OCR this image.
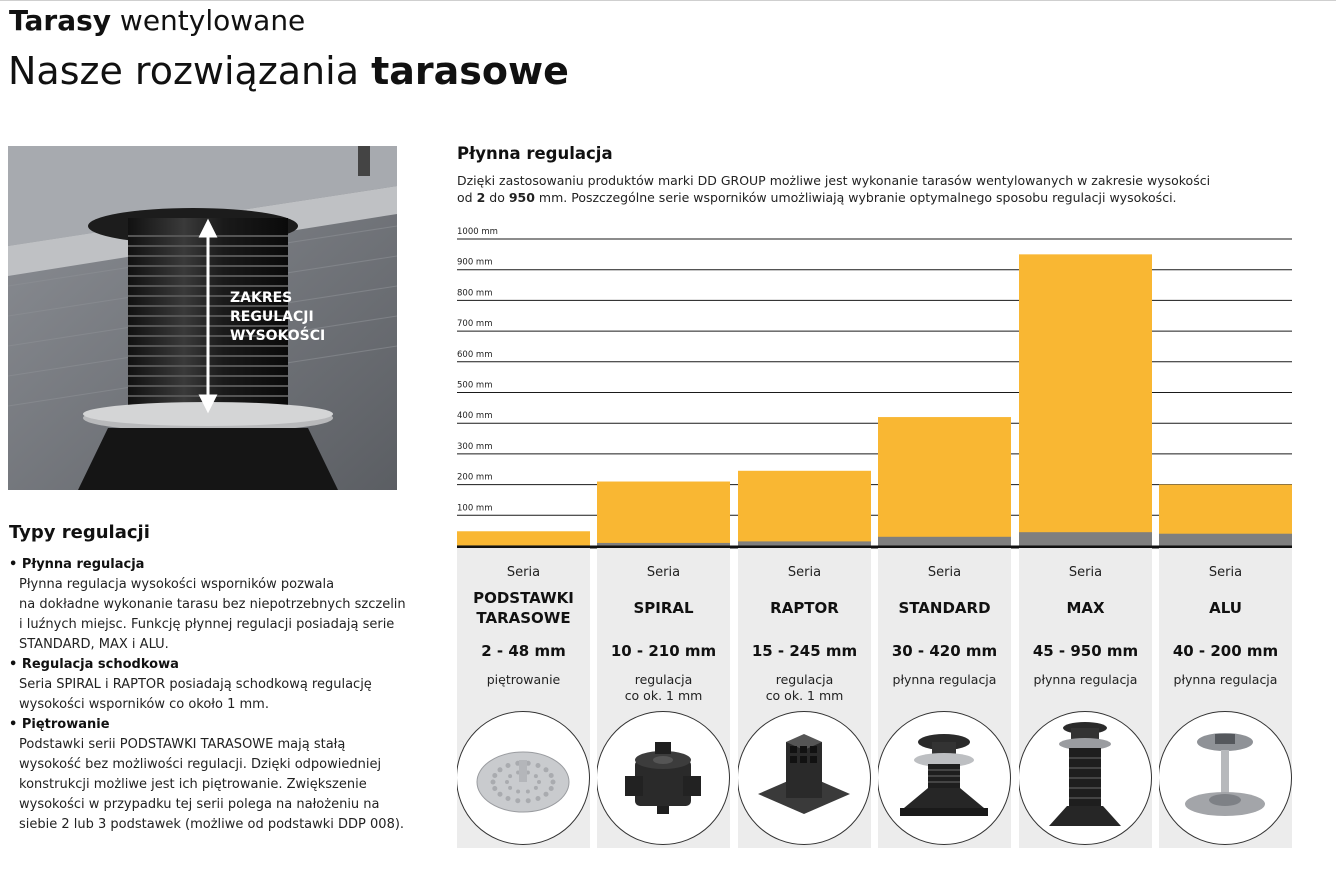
Tarasy wentylowane
Nasze rozwiązania tarasowe
ZAKRES
REGULACJI
WYSOKOŚCI
Typy regulacji
• Płynna regulacja
Płynna regulacja wysokości wsporników pozwala
na dokładne wykonanie tarasu bez niepotrzebnych szczelin
i luźnych miejsc. Funkcję płynnej regulacji posiadają serie
STANDARD, MAX i ALU.
• Regulacja schodkowa
Seria SPIRAL i RAPTOR posiadają schodkową regulację
wysokości wsporników co około 1 mm.
• Piętrowanie
Podstawki serii PODSTAWKI TARASOWE mają stałą
wysokość bez możliwości regulacji. Dzięki odpowiedniej
konstrukcji możliwe jest ich piętrowanie. Zwiększenie
wysokości w przypadku tej serii polega na nałożeniu na
siebie 2 lub 3 podstawek (możliwe od podstawki DDP 008).
Płynna regulacja
Dzięki zastosowaniu produktów marki DD GROUP możliwe jest wykonanie tarasów wentylowanych w zakresie wysokości
od 2 do 950 mm. Poszczególne serie wsporników umożliwiają wybranie optymalnego sposobu regulacji wysokości.
100 mm
200 mm
300 mm
400 mm
500 mm
600 mm
700 mm
800 mm
900 mm
1000 mm
Seria
PODSTAWKI
TARASOWE
2 - 48 mm
piętrowanie
Seria
SPIRAL
10 - 210 mm
regulacja
co ok. 1 mm
Seria
RAPTOR
15 - 245 mm
regulacja
co ok. 1 mm
Seria
STANDARD
30 - 420 mm
płynna regulacja
Seria
MAX
45 - 950 mm
płynna regulacja
Seria
ALU
40 - 200 mm
płynna regulacja
